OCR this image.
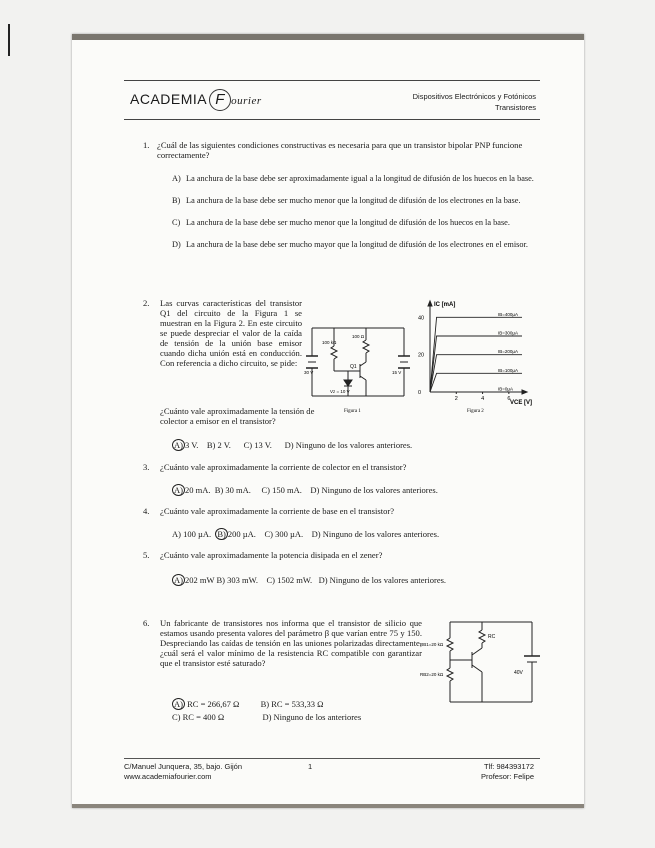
ACADEMIA F ourier	Dispositivos Electrónicos y Fotónicos
Transistores
1. ¿Cuál de las siguientes condiciones constructivas es necesaria para que un transistor bipolar PNP funcione correctamente?
A) La anchura de la base debe ser aproximadamente igual a la longitud de difusión de los huecos en la base.
B) La anchura de la base debe ser mucho menor que la longitud de difusión de los electrones en la base.
C) La anchura de la base debe ser mucho menor que la longitud de difusión de los huecos en la base.
D) La anchura de la base debe ser mucho mayor que la longitud de difusión de los electrones en el emisor.
2. Las curvas características del transistor Q1 del circuito de la Figura 1 se muestran en la Figura 2. En este circuito se puede despreciar el valor de la caída de tensión de la unión base emisor cuando dicha unión está en conducción. Con referencia a dicho circuito, se pide:
¿Cuánto vale aproximadamente la tensión de colector a emisor en el transistor?
100 kΩ
100 Ω
30 V	15 V
Q1
Vz = 10 V
Figura 1
IB=400µA
IB=300µA
IB=200µA
IB=100µA
IB=0µA
40
20
0
2	4	6
IC [mA]
VCE [V]
Figura 2
A) 3 V. B) 2 V. C) 13 V. D) Ninguno de los valores anteriores.
3. ¿Cuánto vale aproximadamente la corriente de colector en el transistor?
A) 20 mA. B) 30 mA. C) 150 mA. D) Ninguno de los valores anteriores.
4. ¿Cuánto vale aproximadamente la corriente de base en el transistor?
A) 100 µA. B) 200 µA. C) 300 µA. D) Ninguno de los valores anteriores.
5. ¿Cuánto vale aproximadamente la potencia disipada en el zener?
A) 202 mW B) 303 mW. C) 1502 mW. D) Ninguno de los valores anteriores.
6. Un fabricante de transistores nos informa que el transistor de silicio que estamos usando presenta valores del parámetro β que varían entre 75 y 150. Despreciando las caídas de tensión en las uniones polarizadas directamente, ¿cuál será el valor mínimo de la resistencia RC compatible con garantizar que el transistor esté saturado?
RC
RB1=20 kΩ
RB2=20 kΩ	40V
A) RC = 266,67 Ω	B) RC = 533,33 Ω
C) RC = 400 Ω	D) Ninguno de los anteriores
C/Manuel Junquera, 35, bajo. Gijón
www.academiafourier.com
1	Tlf: 984393172
Profesor: Felipe
